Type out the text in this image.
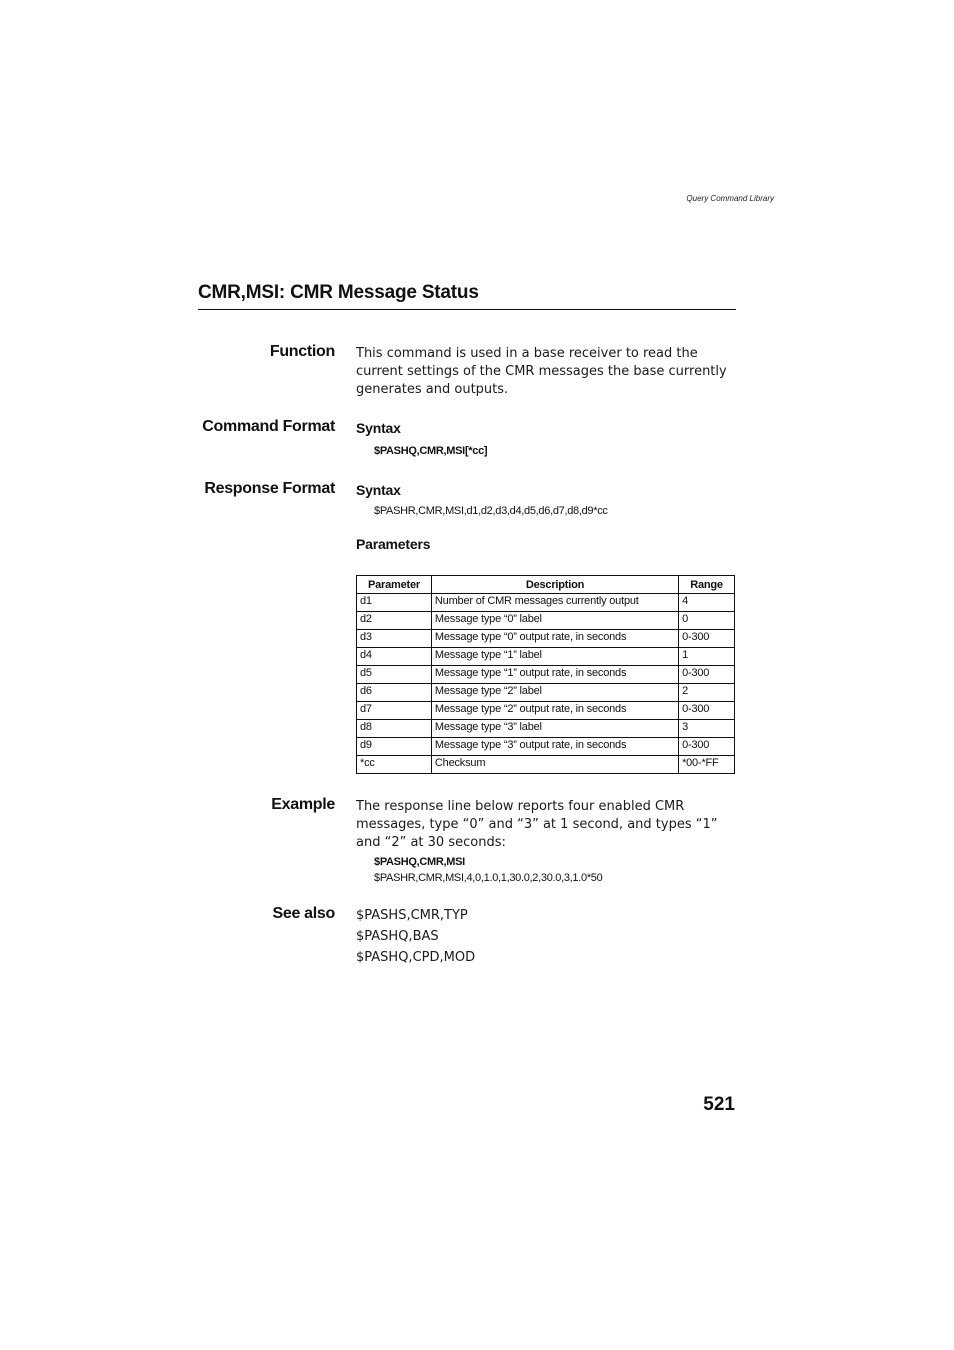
Query Command Library
CMR,MSI: CMR Message Status
Function This command is used in a base receiver to read the current settings of the CMR messages the base currently generates and outputs.
Command Format Syntax
$PASHQ,CMR,MSI[*cc]
Response Format Syntax
$PASHR,CMR,MSI,d1,d2,d3,d4,d5,d6,d7,d8,d9*cc
Parameters
Parameter	Description	Range
d1	Number of CMR messages currently output	4
d2	Message type “0” label	0
d3	Message type “0” output rate, in seconds	0-300
d4	Message type “1” label	1
d5	Message type “1” output rate, in seconds	0-300
d6	Message type “2” label	2
d7	Message type “2” output rate, in seconds	0-300
d8	Message type “3” label	3
d9	Message type “3” output rate, in seconds	0-300
*cc	Checksum	*00-*FF
Example The response line below reports four enabled CMR messages, type “0” and “3” at 1 second, and types “1” and “2” at 30 seconds:
$PASHQ,CMR,MSI
$PASHR,CMR,MSI,4,0,1.0,1,30.0,2,30.0,3,1.0*50
See also $PASHS,CMR,TYP
$PASHQ,BAS
$PASHQ,CPD,MOD
521
